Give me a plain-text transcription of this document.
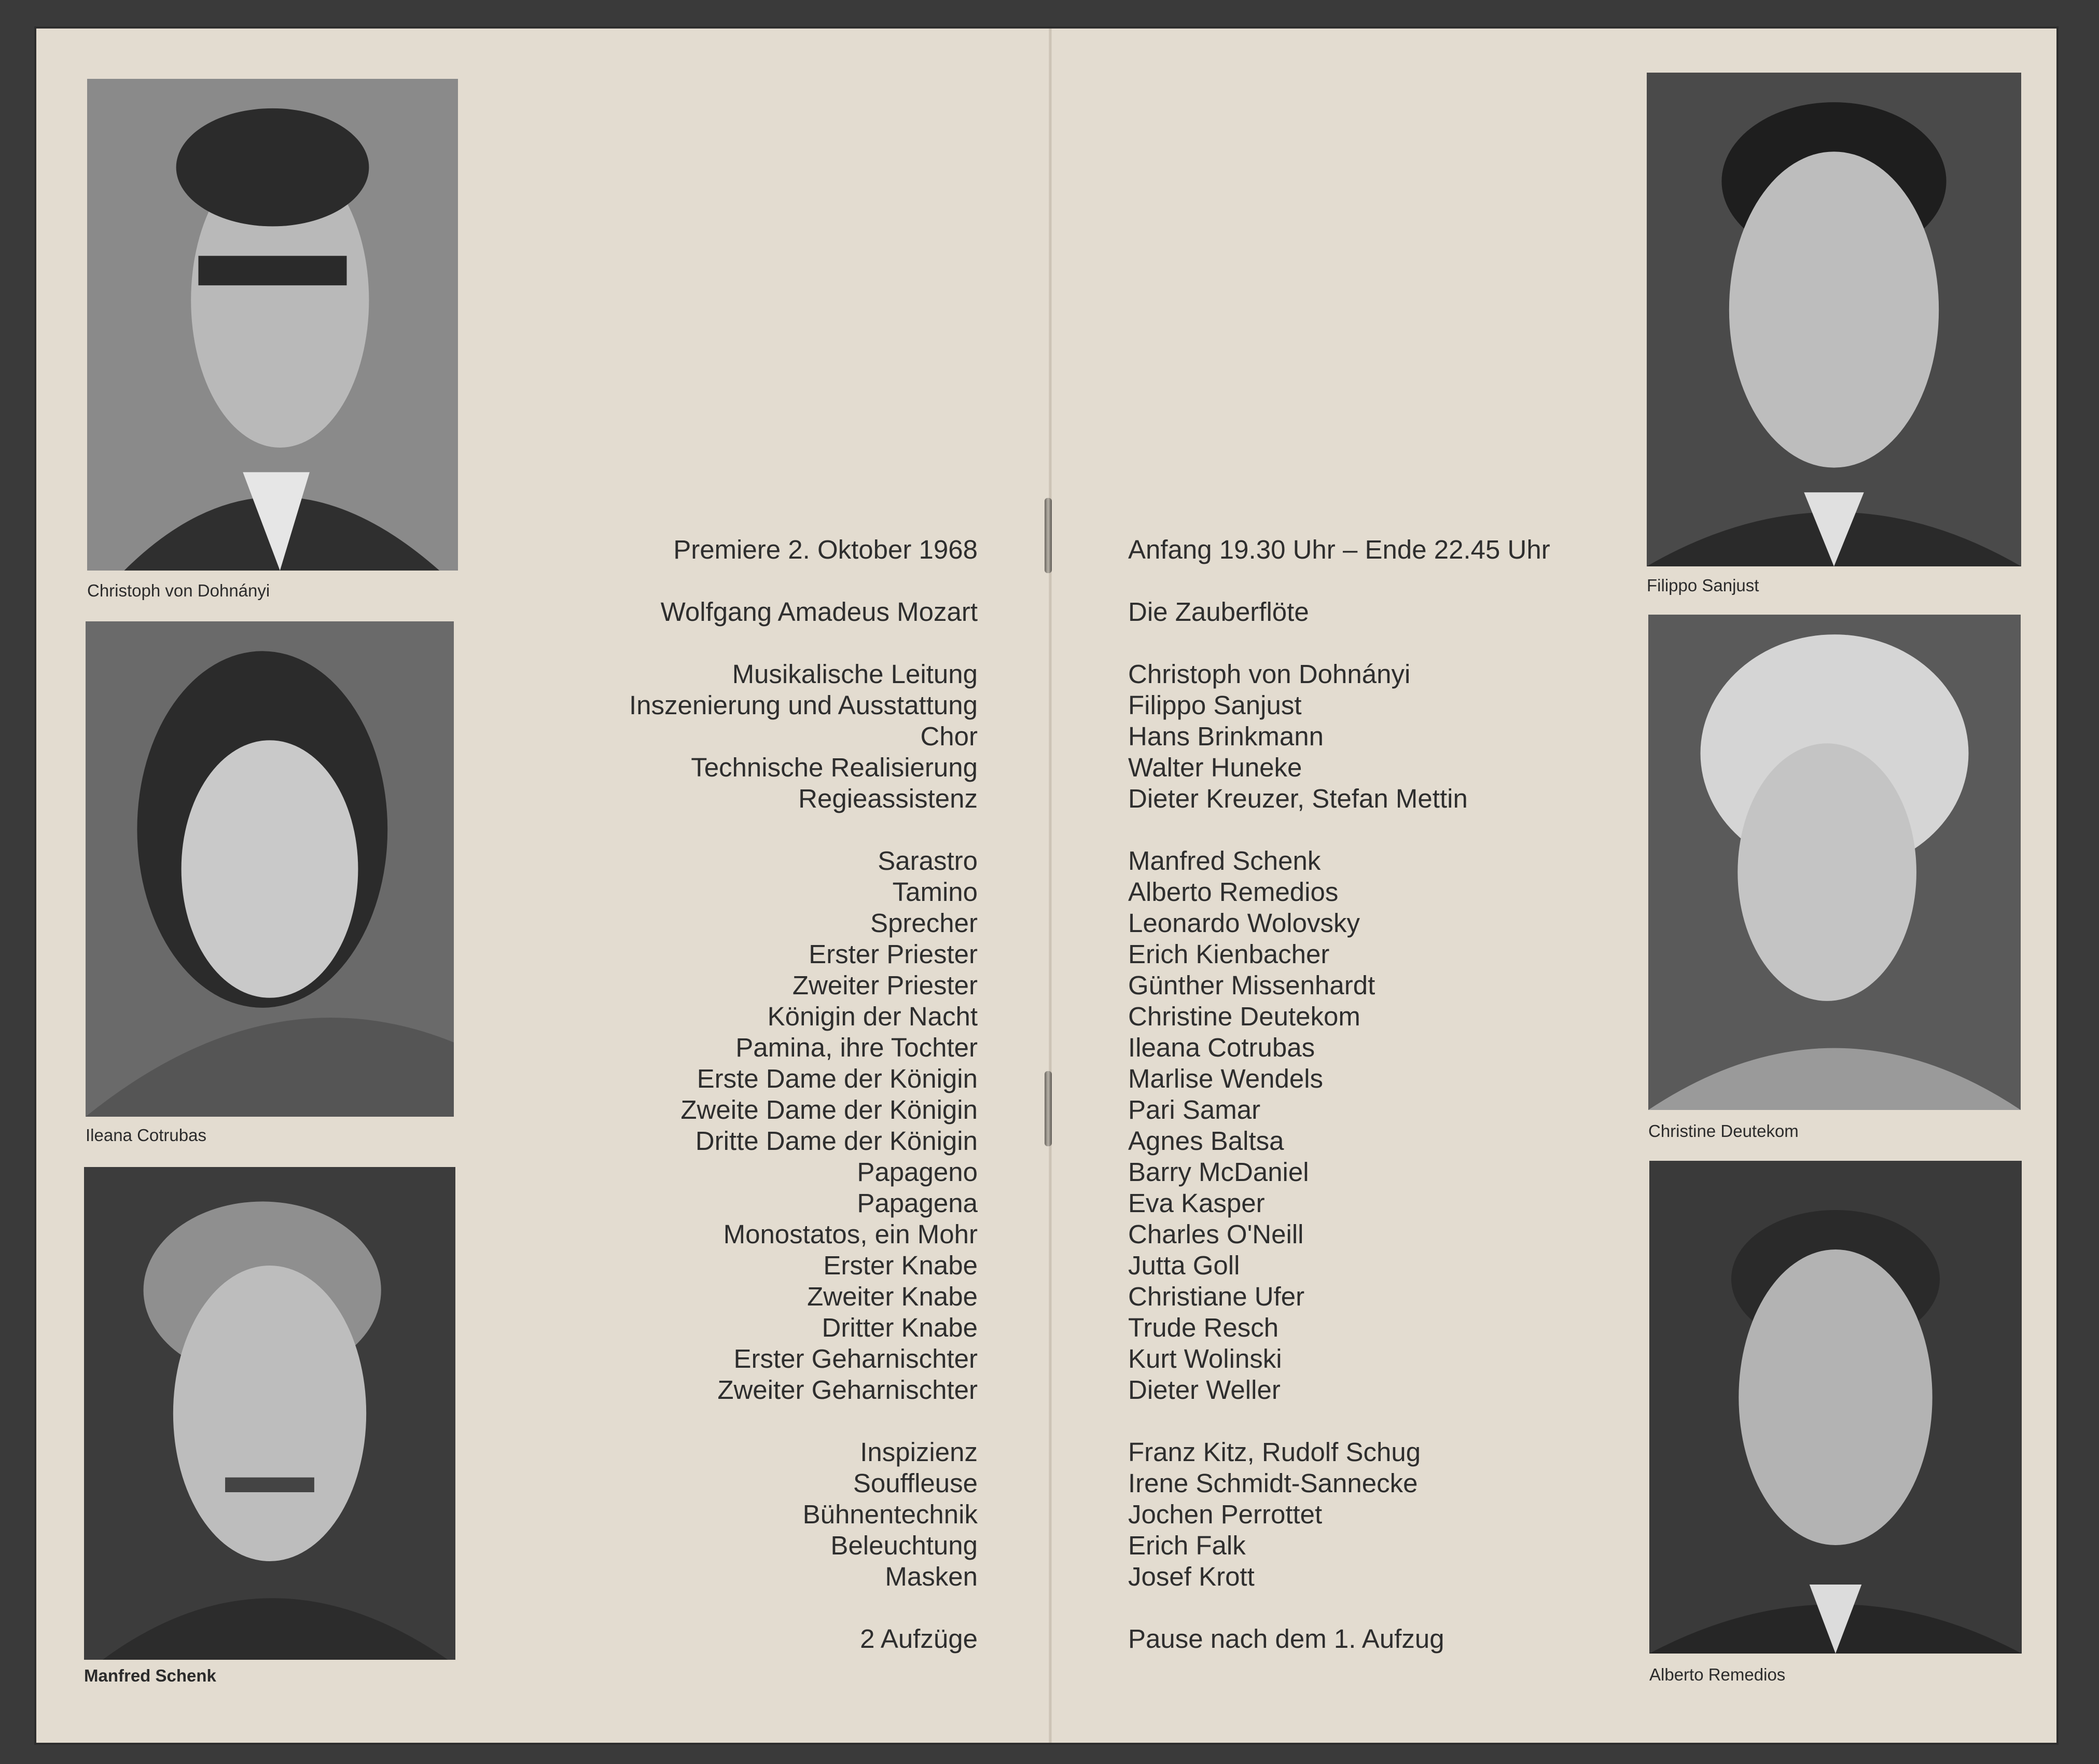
Christoph von Dohnányi
Ileana Cotrubas
Manfred Schenk
Filippo Sanjust
Christine Deutekom
Alberto Remedios
Premiere 2. Oktober 1968
Wolfgang Amadeus Mozart
Musikalische Leitung
Inszenierung und Ausstattung
Chor
Technische Realisierung
Regieassistenz
Sarastro
Tamino
Sprecher
Erster Priester
Zweiter Priester
Königin der Nacht
Pamina, ihre Tochter
Erste Dame der Königin
Zweite Dame der Königin
Dritte Dame der Königin
Papageno
Papagena
Monostatos, ein Mohr
Erster Knabe
Zweiter Knabe
Dritter Knabe
Erster Geharnischter
Zweiter Geharnischter
Inspizienz
Souffleuse
Bühnentechnik
Beleuchtung
Masken
2 Aufzüge
Anfang 19.30 Uhr – Ende 22.45 Uhr
Die Zauberflöte
Christoph von Dohnányi
Filippo Sanjust
Hans Brinkmann
Walter Huneke
Dieter Kreuzer, Stefan Mettin
Manfred Schenk
Alberto Remedios
Leonardo Wolovsky
Erich Kienbacher
Günther Missenhardt
Christine Deutekom
Ileana Cotrubas
Marlise Wendels
Pari Samar
Agnes Baltsa
Barry McDaniel
Eva Kasper
Charles O'Neill
Jutta Goll
Christiane Ufer
Trude Resch
Kurt Wolinski
Dieter Weller
Franz Kitz, Rudolf Schug
Irene Schmidt-Sannecke
Jochen Perrottet
Erich Falk
Josef Krott
Pause nach dem 1. Aufzug
